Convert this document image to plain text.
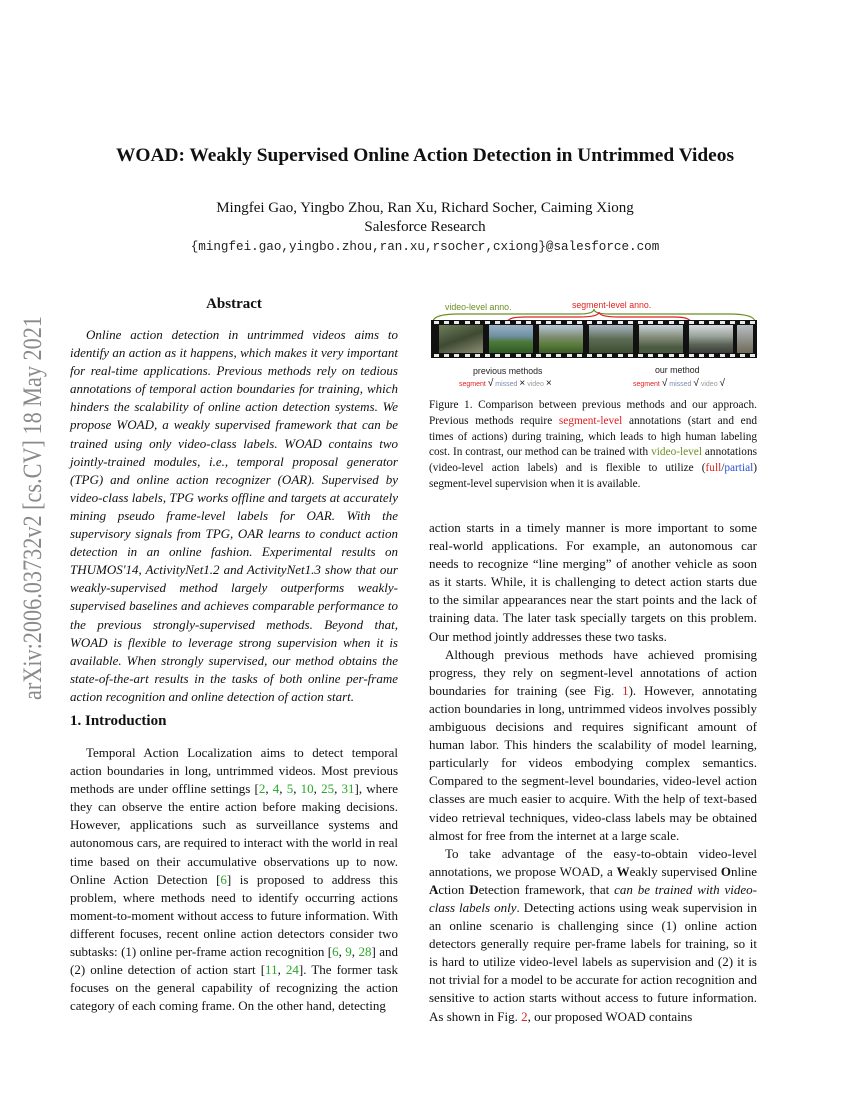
arXiv:2006.03732v2 [cs.CV] 18 May 2021
WOAD: Weakly Supervised Online Action Detection in Untrimmed Videos
Mingfei Gao, Yingbo Zhou, Ran Xu, Richard Socher, Caiming Xiong
Salesforce Research
{mingfei.gao,yingbo.zhou,ran.xu,rsocher,cxiong}@salesforce.com
Abstract

Online action detection in untrimmed videos aims to identify an action as it happens, which makes it very important for real-time applications. Previous methods rely on tedious annotations of temporal action boundaries for training, which hinders the scalability of online action detection systems. We propose WOAD, a weakly supervised framework that can be trained using only video-class labels. WOAD contains two jointly-trained modules, i.e., temporal proposal generator (TPG) and online action recognizer (OAR). Supervised by video-class labels, TPG works offline and targets at accurately mining pseudo frame-level labels for OAR. With the supervisory signals from TPG, OAR learns to conduct action detection in an online fashion. Experimental results on THUMOS'14, ActivityNet1.2 and ActivityNet1.3 show that our weakly-supervised method largely outperforms weakly-supervised baselines and achieves comparable performance to the previous strongly-supervised methods. Beyond that, WOAD is flexible to leverage strong supervision when it is available. When strongly supervised, our method obtains the state-of-the-art results in the tasks of both online per-frame action recognition and online detection of action start.

1. Introduction

Temporal Action Localization aims to detect temporal action boundaries in long, untrimmed videos. Most previous methods are under offline settings [2, 4, 5, 10, 25, 31], where they can observe the entire action before making decisions. However, applications such as surveillance systems and autonomous cars, are required to interact with the world in real time based on their accumulative observations up to now. Online Action Detection [6] is proposed to address this problem, where methods need to identify occurring actions moment-to-moment without access to future information. With different focuses, recent online action detectors consider two subtasks: (1) online per-frame action recognition [6, 9, 28] and (2) online detection of action start [11, 24]. The former task focuses on the general capability of recognizing the action category of each coming frame. On the other hand, detecting

video-level anno.	segment-level anno.
previous methods	our method
segment √ missed × video ×	segment √ missed √ video √

Figure 1. Comparison between previous methods and our approach. Previous methods require segment-level annotations (start and end times of actions) during training, which leads to high human labeling cost. In contrast, our method can be trained with video-level annotations (video-level action labels) and is flexible to utilize (full/partial) segment-level supervision when it is available.

action starts in a timely manner is more important to some real-world applications. For example, an autonomous car needs to recognize “line merging” of another vehicle as soon as it starts. While, it is challenging to detect action starts due to the similar appearances near the start points and the lack of training data. The later task specially targets on this problem. Our method jointly addresses these two tasks.

Although previous methods have achieved promising progress, they rely on segment-level annotations of action boundaries for training (see Fig. 1). However, annotating action boundaries in long, untrimmed videos involves possibly ambiguous decisions and requires significant amount of human labor. This hinders the scalability of model learning, particularly for videos embodying complex semantics. Compared to the segment-level boundaries, video-level action classes are much easier to acquire. With the help of text-based video retrieval techniques, video-class labels may be obtained almost for free from the internet at a large scale.

To take advantage of the easy-to-obtain video-level annotations, we propose WOAD, a Weakly supervised Online Action Detection framework, that can be trained with video-class labels only. Detecting actions using weak supervision in an online scenario is challenging since (1) online action detectors generally require per-frame labels for training, so it is hard to utilize video-level labels as supervision and (2) it is not trivial for a model to be accurate for action recognition and sensitive to action starts without access to future information. As shown in Fig. 2, our proposed WOAD contains
